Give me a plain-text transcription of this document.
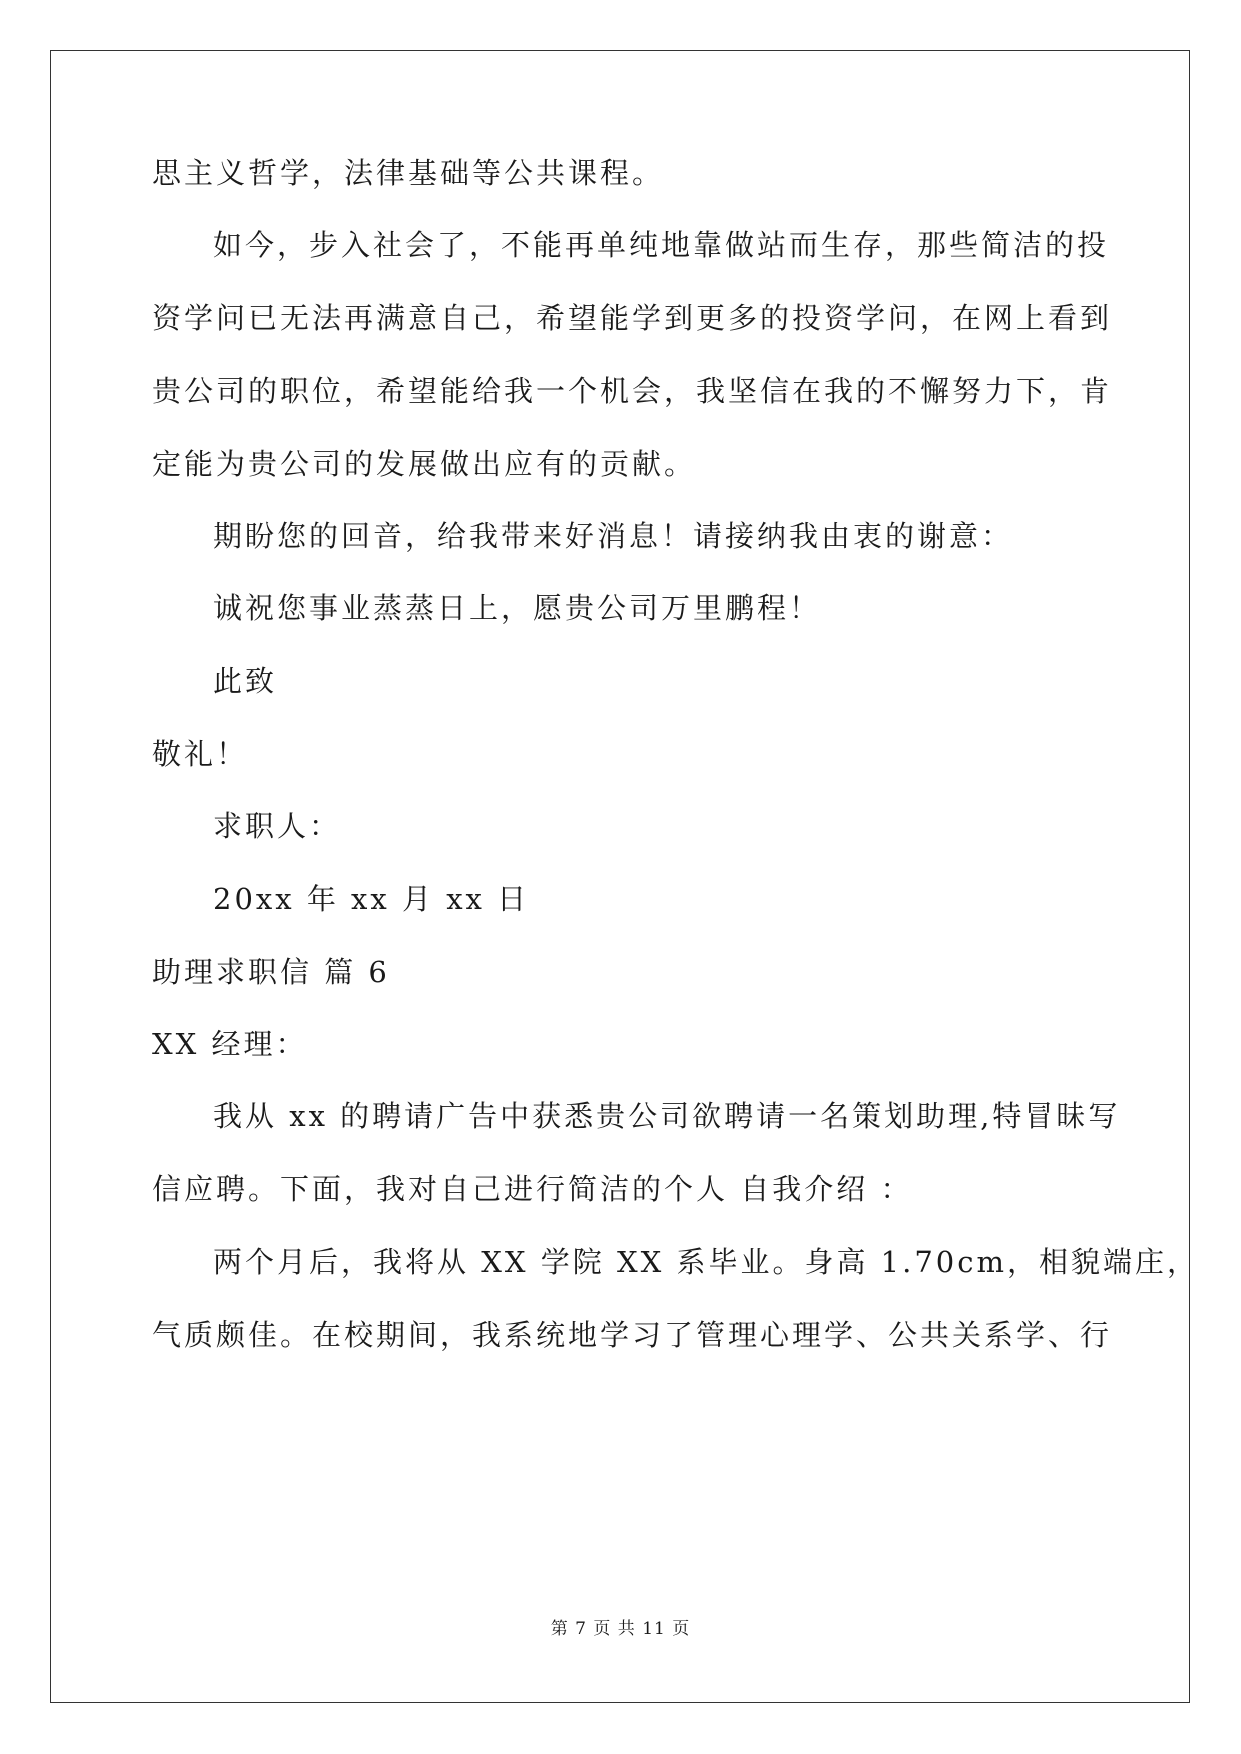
思主义哲学，法律基础等公共课程。
如今，步入社会了，不能再单纯地靠做站而生存，那些简洁的投
资学问已无法再满意自己，希望能学到更多的投资学问，在网上看到
贵公司的职位，希望能给我一个机会，我坚信在我的不懈努力下，肯
定能为贵公司的发展做出应有的贡献。
期盼您的回音，给我带来好消息！请接纳我由衷的谢意：
诚祝您事业蒸蒸日上，愿贵公司万里鹏程！
此致
敬礼！
求职人：
20xx 年 xx 月 xx 日
助理求职信 篇 6
XX 经理：
我从 xx 的聘请广告中获悉贵公司欲聘请一名策划助理,特冒昧写
信应聘。下面，我对自己进行简洁的个人 自我介绍 ：
两个月后，我将从 XX 学院 XX 系毕业。身高 1.70cm，相貌端庄，
气质颇佳。在校期间，我系统地学习了管理心理学、公共关系学、行
第 7 页 共 11 页
